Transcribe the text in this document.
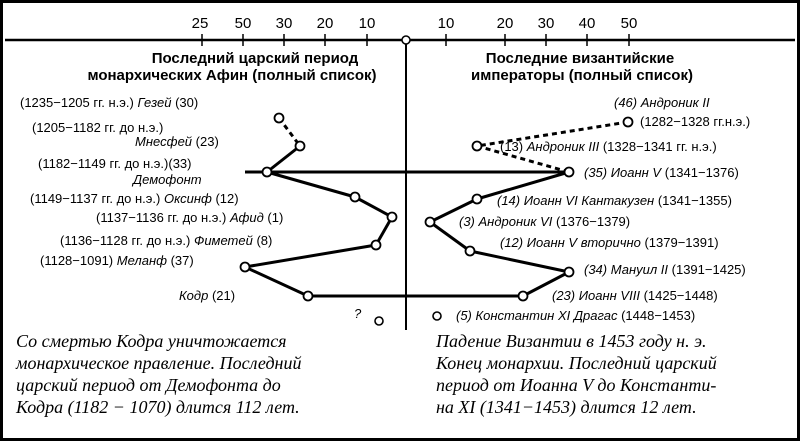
25 50 30 20 10	10	20 30 40 50
Последний царский период
монархических Афин (полный список)
Последние византийские
императоры (полный список)
(1235−1205 гг. н.э.) Гезей (30)
(1205−1182 гг. до н.э.)
Мнесфей (23)
(1182−1149 гг. до н.э.)(33)
Демофонт
(1149−1137 гг. до н.э.) Оксинф (12)
(1137−1136 гг. до н.э.) Афид (1)
(1136−1128 гг. до н.э.) Фиметей (8)
(1128−1091) Меланф (37)
Кодр (21)
?
(46) Андроник II
(1282−1328 гг.н.э.)
(13) Андроник III (1328−1341 гг. н.э.)
(35) Иоанн V (1341−1376)
(14) Иоанн VI Кантакузен (1341−1355)
(3) Андроник VI (1376−1379)
(12) Иоанн V вторично (1379−1391)
(34) Мануил II (1391−1425)
(23) Иоанн VIII (1425−1448)
(5) Константин XI Драгас (1448−1453)
Со смертью Кодра уничтожается
монархическое правление. Последний
царский период от Демофонта до
Кодра (1182 − 1070) длится 112 лет.
Падение Византии в 1453 году н. э.
Конец монархии. Последний царский
период от Иоанна V до Константи-
на XI (1341−1453) длится 12 лет.
